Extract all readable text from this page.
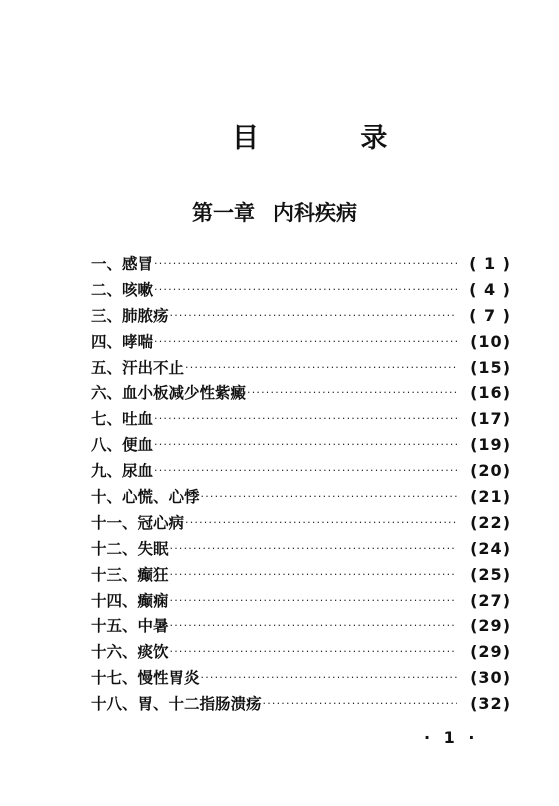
目 录
第一章 内科疾病
一、感冒 ·····	( 1 )
二、咳嗽 ·····	( 4 )
三、肺脓疡 ·····	( 7 )
四、哮喘 ·····	(10)
五、汗出不止 ·····	(15)
六、血小板减少性紫癜 ·····	(16)
七、吐血 ·····	(17)
八、便血 ·····	(19)
九、尿血 ·····	(20)
十、心慌、心悸 ·····	(21)
十一、冠心病 ·····	(22)
十二、失眠 ·····	(24)
十三、癫狂 ·····	(25)
十四、癫痫 ·····	(27)
十五、中暑 ·····	(29)
十六、痰饮 ·····	(29)
十七、慢性胃炎 ·····	(30)
十八、胃、十二指肠溃疡 ·····	(32)
· 1 ·
